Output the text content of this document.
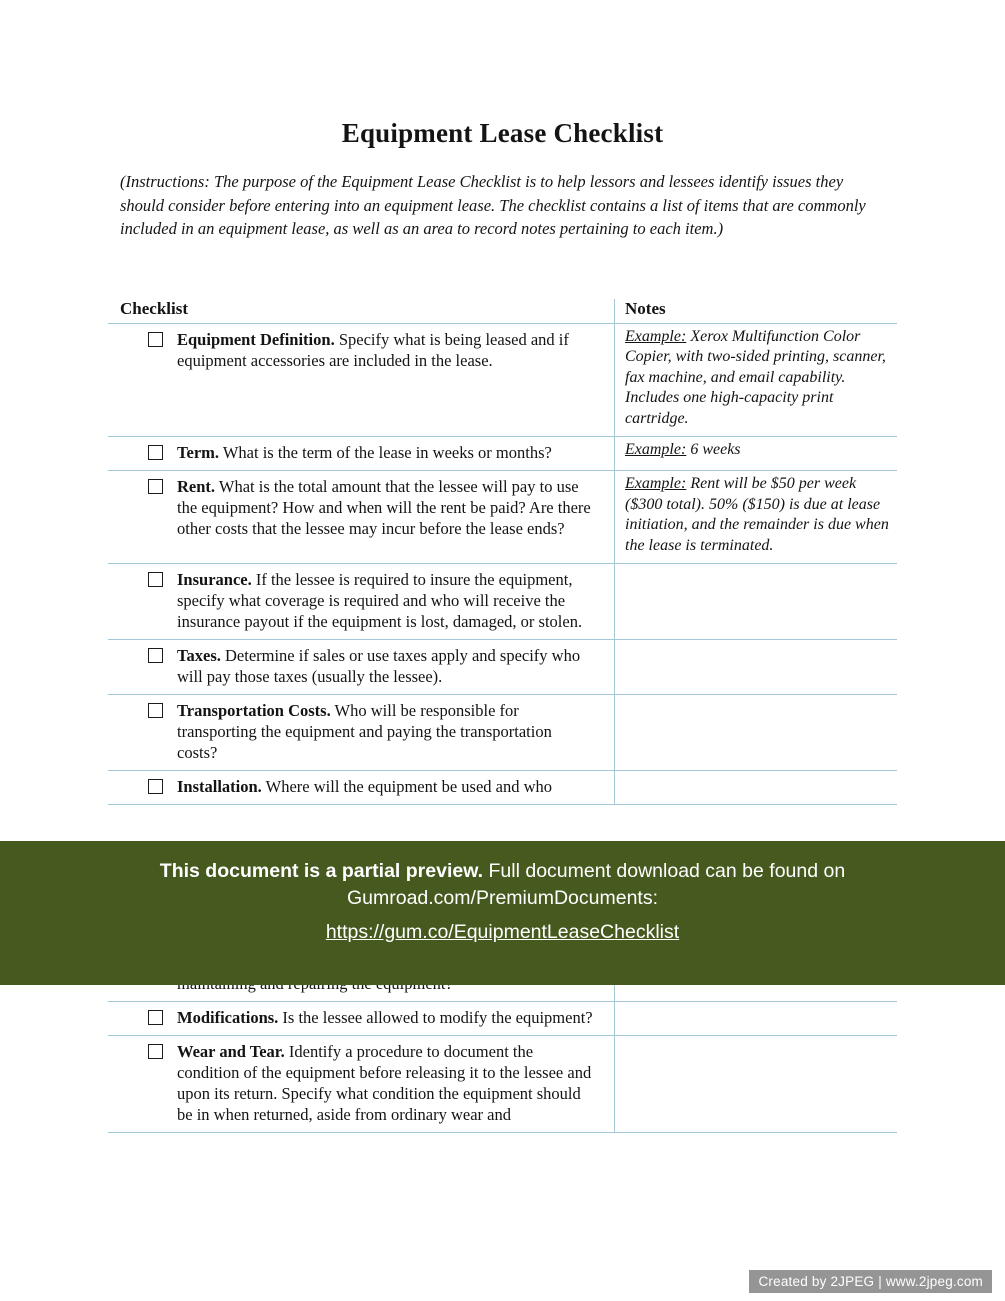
Equipment Lease Checklist

(Instructions: The purpose of the Equipment Lease Checklist is to help lessors and lessees identify issues they should consider before entering into an equipment lease. The checklist contains a list of items that are commonly included in an equipment lease, as well as an area to record notes pertaining to each item.)

Checklist	Notes
Equipment Definition. Specify what is being leased and if equipment accessories are included in the lease.
Example: Xerox Multifunction Color Copier, with two-sided printing, scanner, fax machine, and email capability. Includes one high-capacity print cartridge.
Term. What is the term of the lease in weeks or months?	Example: 6 weeks
Rent. What is the total amount that the lessee will pay to use the equipment? How and when will the rent be paid? Are there other costs that the lessee may incur before the lease ends?
Example: Rent will be $50 per week ($300 total). 50% ($150) is due at lease initiation, and the remainder is due when the lease is terminated.
Insurance. If the lessee is required to insure the equipment, specify what coverage is required and who will receive the insurance payout if the equipment is lost, damaged, or stolen.
Taxes. Determine if sales or use taxes apply and specify who will pay those taxes (usually the lessee).
Transportation Costs. Who will be responsible for transporting the equipment and paying the transportation costs?
Installation. Where will the equipment be used and who
Modifications. Is the lessee allowed to modify the equipment?
Wear and Tear. Identify a procedure to document the condition of the equipment before releasing it to the lessee and upon its return. Specify what condition the equipment should be in when returned, aside from ordinary wear and

This document is a partial preview. Full document download can be found on Gumroad.com/PremiumDocuments:

https://gum.co/EquipmentLeaseChecklist
Created by 2JPEG | www.2jpeg.com
